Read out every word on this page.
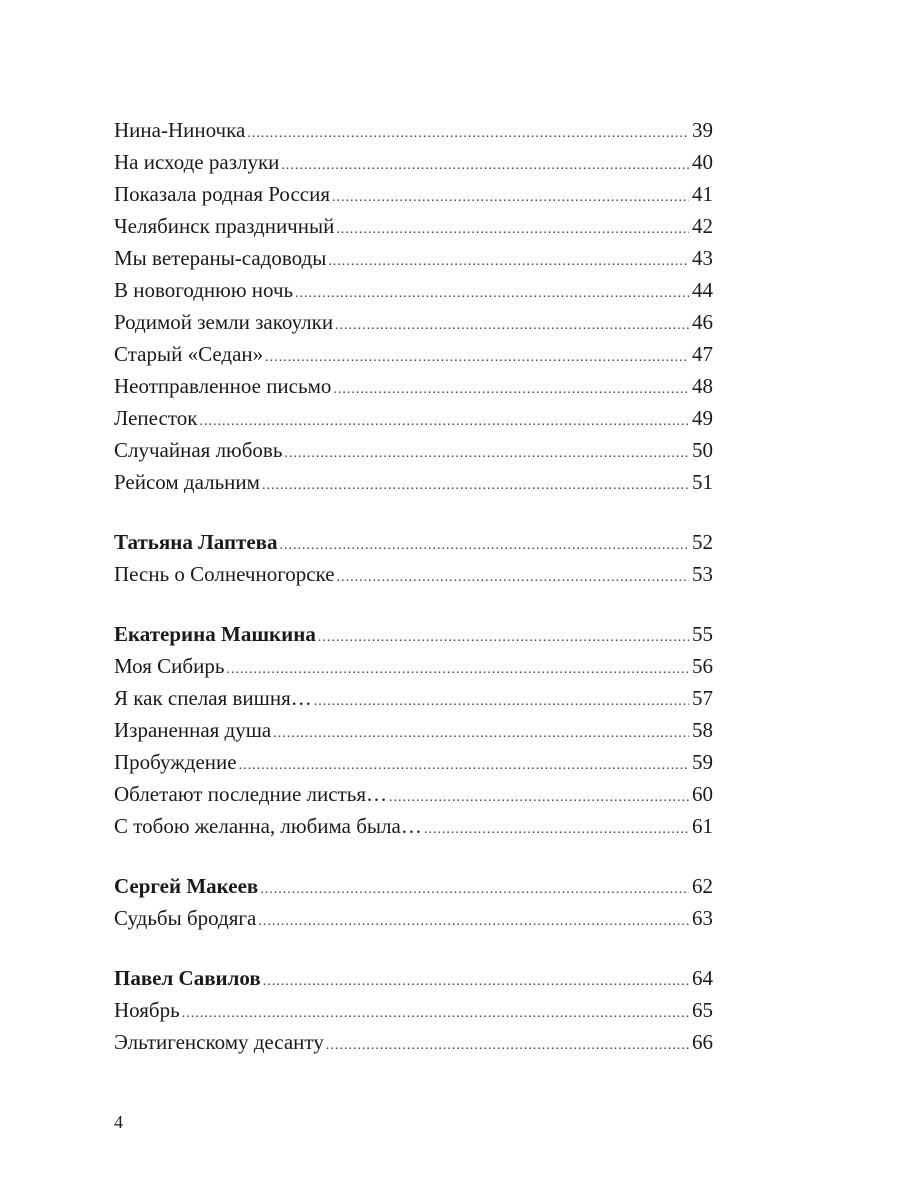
Нина-Ниночка .....	39
На исходе разлуки .....	40
Показала родная Россия .....	41
Челябинск праздничный .....	42
Мы ветераны-садоводы .....	43
В новогоднюю ночь .....	44
Родимой земли закоулки .....	46
Старый «Седан» .....	47
Неотправленное письмо .....	48
Лепесток .....	49
Случайная любовь .....	50
Рейсом дальним .....	51
Татьяна Лаптева .....	52
Песнь о Солнечногорске .....	53
Екатерина Машкина .....	55
Моя Сибирь .....	56
Я как спелая вишня… .....	57
Израненная душа .....	58
Пробуждение .....	59
Облетают последние листья… .....	60
С тобою желанна, любима была… .....	61
Сергей Макеев .....	62
Судьбы бродяга .....	63
Павел Савилов .....	64
Ноябрь .....	65
Эльтигенскому десанту .....	66
4
